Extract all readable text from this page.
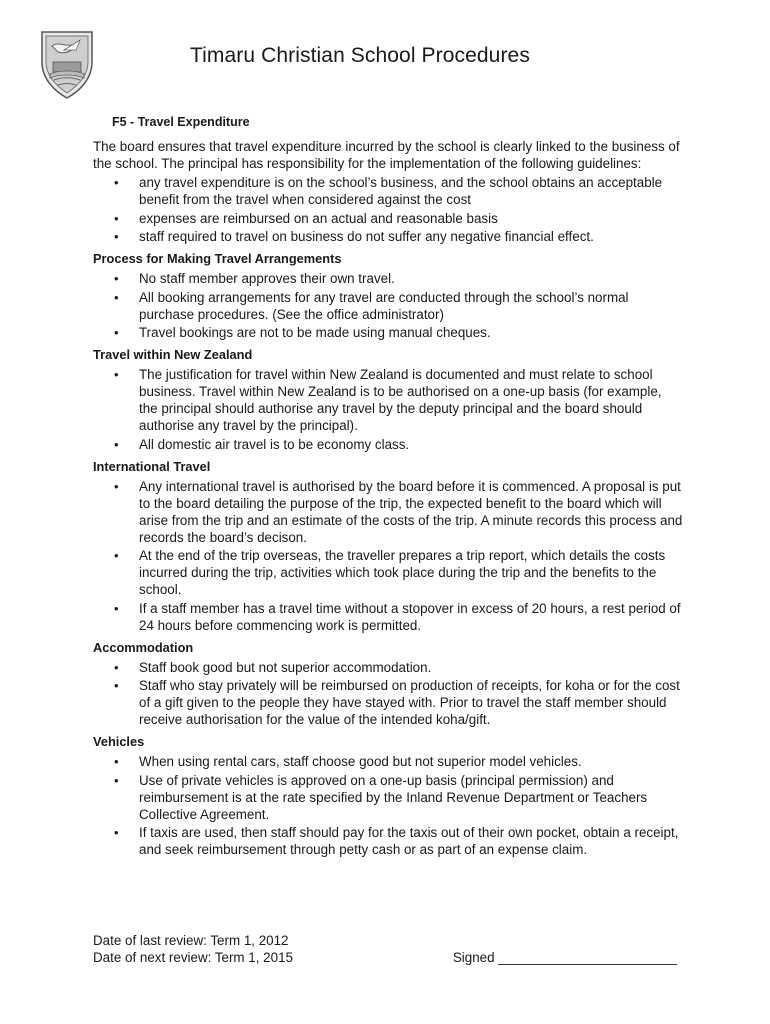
Timaru Christian School Procedures
F5 - Travel Expenditure
The board ensures that travel expenditure incurred by the school is clearly linked to the business of the school. The principal has responsibility for the implementation of the following guidelines:
• any travel expenditure is on the school’s business, and the school obtains an acceptable benefit from the travel when considered against the cost
• expenses are reimbursed on an actual and reasonable basis
• staff required to travel on business do not suffer any negative financial effect.
Process for Making Travel Arrangements
• No staff member approves their own travel.
• All booking arrangements for any travel are conducted through the school’s normal purchase procedures. (See the office administrator)
• Travel bookings are not to be made using manual cheques.
Travel within New Zealand
• The justification for travel within New Zealand is documented and must relate to school business. Travel within New Zealand is to be authorised on a one-up basis (for example, the principal should authorise any travel by the deputy principal and the board should authorise any travel by the principal).
• All domestic air travel is to be economy class.
International Travel
• Any international travel is authorised by the board before it is commenced. A proposal is put to the board detailing the purpose of the trip, the expected benefit to the board which will arise from the trip and an estimate of the costs of the trip. A minute records this process and records the board’s decison.
• At the end of the trip overseas, the traveller prepares a trip report, which details the costs incurred during the trip, activities which took place during the trip and the benefits to the school.
• If a staff member has a travel time without a stopover in excess of 20 hours, a rest period of 24 hours before commencing work is permitted.
Accommodation
• Staff book good but not superior accommodation.
• Staff who stay privately will be reimbursed on production of receipts, for koha or for the cost of a gift given to the people they have stayed with. Prior to travel the staff member should receive authorisation for the value of the intended koha/gift.
Vehicles
• When using rental cars, staff choose good but not superior model vehicles.
• Use of private vehicles is approved on a one-up basis (principal permission) and reimbursement is at the rate specified by the Inland Revenue Department or Teachers Collective Agreement.
• If taxis are used, then staff should pay for the taxis out of their own pocket, obtain a receipt, and seek reimbursement through petty cash or as part of an expense claim.
Date of last review: Term 1, 2012
Date of next review: Term 1, 2015	Signed ________________________
